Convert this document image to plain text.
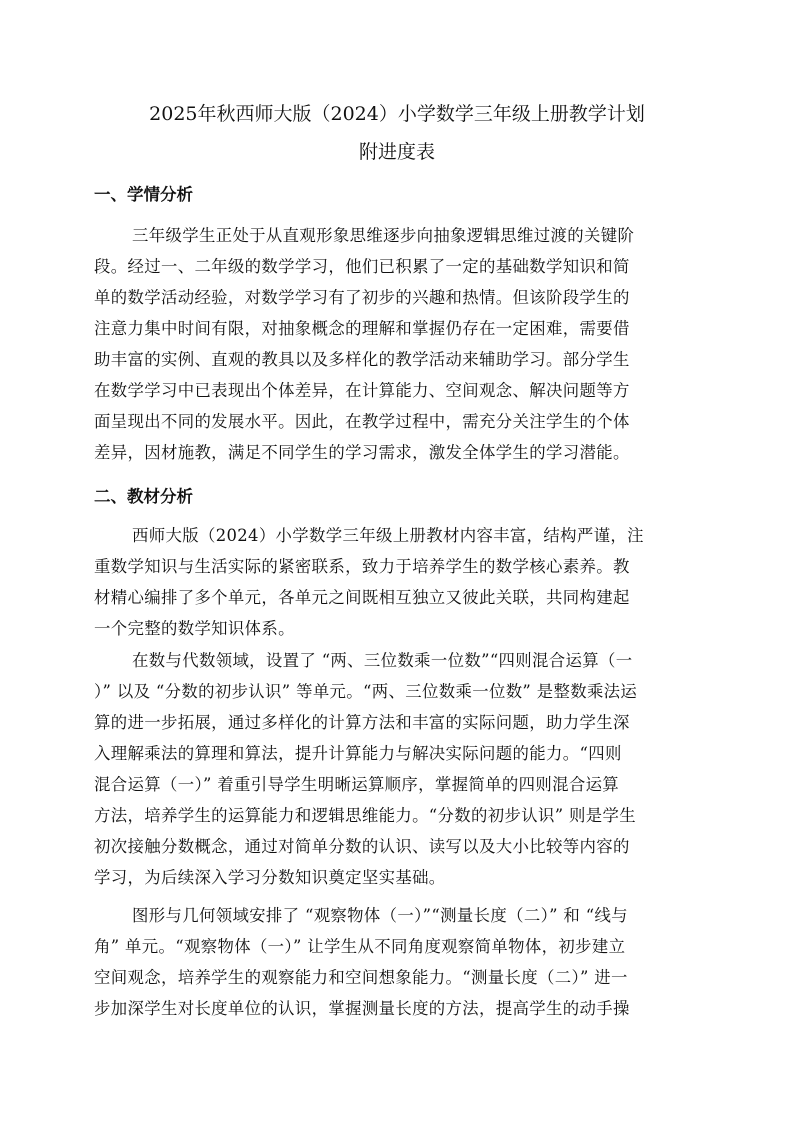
2025年秋西师大版（2024）小学数学三年级上册教学计划
附进度表
一、学情分析
三年级学生正处于从直观形象思维逐步向抽象逻辑思维过渡的关键阶
段。经过一、二年级的数学学习，他们已积累了一定的基础数学知识和简
单的数学活动经验，对数学学习有了初步的兴趣和热情。但该阶段学生的
注意力集中时间有限，对抽象概念的理解和掌握仍存在一定困难，需要借
助丰富的实例、直观的教具以及多样化的教学活动来辅助学习。部分学生
在数学学习中已表现出个体差异，在计算能力、空间观念、解决问题等方
面呈现出不同的发展水平。因此，在教学过程中，需充分关注学生的个体
差异，因材施教，满足不同学生的学习需求，激发全体学生的学习潜能。
二、教材分析
西师大版（2024）小学数学三年级上册教材内容丰富，结构严谨，注
重数学知识与生活实际的紧密联系，致力于培养学生的数学核心素养。教
材精心编排了多个单元，各单元之间既相互独立又彼此关联，共同构建起
一个完整的数学知识体系。
在数与代数领域，设置了 “两、三位数乘一位数”“四则混合运算（一
）” 以及 “分数的初步认识” 等单元。“两、三位数乘一位数” 是整数乘法运
算的进一步拓展，通过多样化的计算方法和丰富的实际问题，助力学生深
入理解乘法的算理和算法，提升计算能力与解决实际问题的能力。“四则
混合运算（一）” 着重引导学生明晰运算顺序，掌握简单的四则混合运算
方法，培养学生的运算能力和逻辑思维能力。“分数的初步认识” 则是学生
初次接触分数概念，通过对简单分数的认识、读写以及大小比较等内容的
学习，为后续深入学习分数知识奠定坚实基础。
图形与几何领域安排了 “观察物体（一）”“测量长度（二）” 和 “线与
角” 单元。“观察物体（一）” 让学生从不同角度观察简单物体，初步建立
空间观念，培养学生的观察能力和空间想象能力。“测量长度（二）” 进一
步加深学生对长度单位的认识，掌握测量长度的方法，提高学生的动手操
